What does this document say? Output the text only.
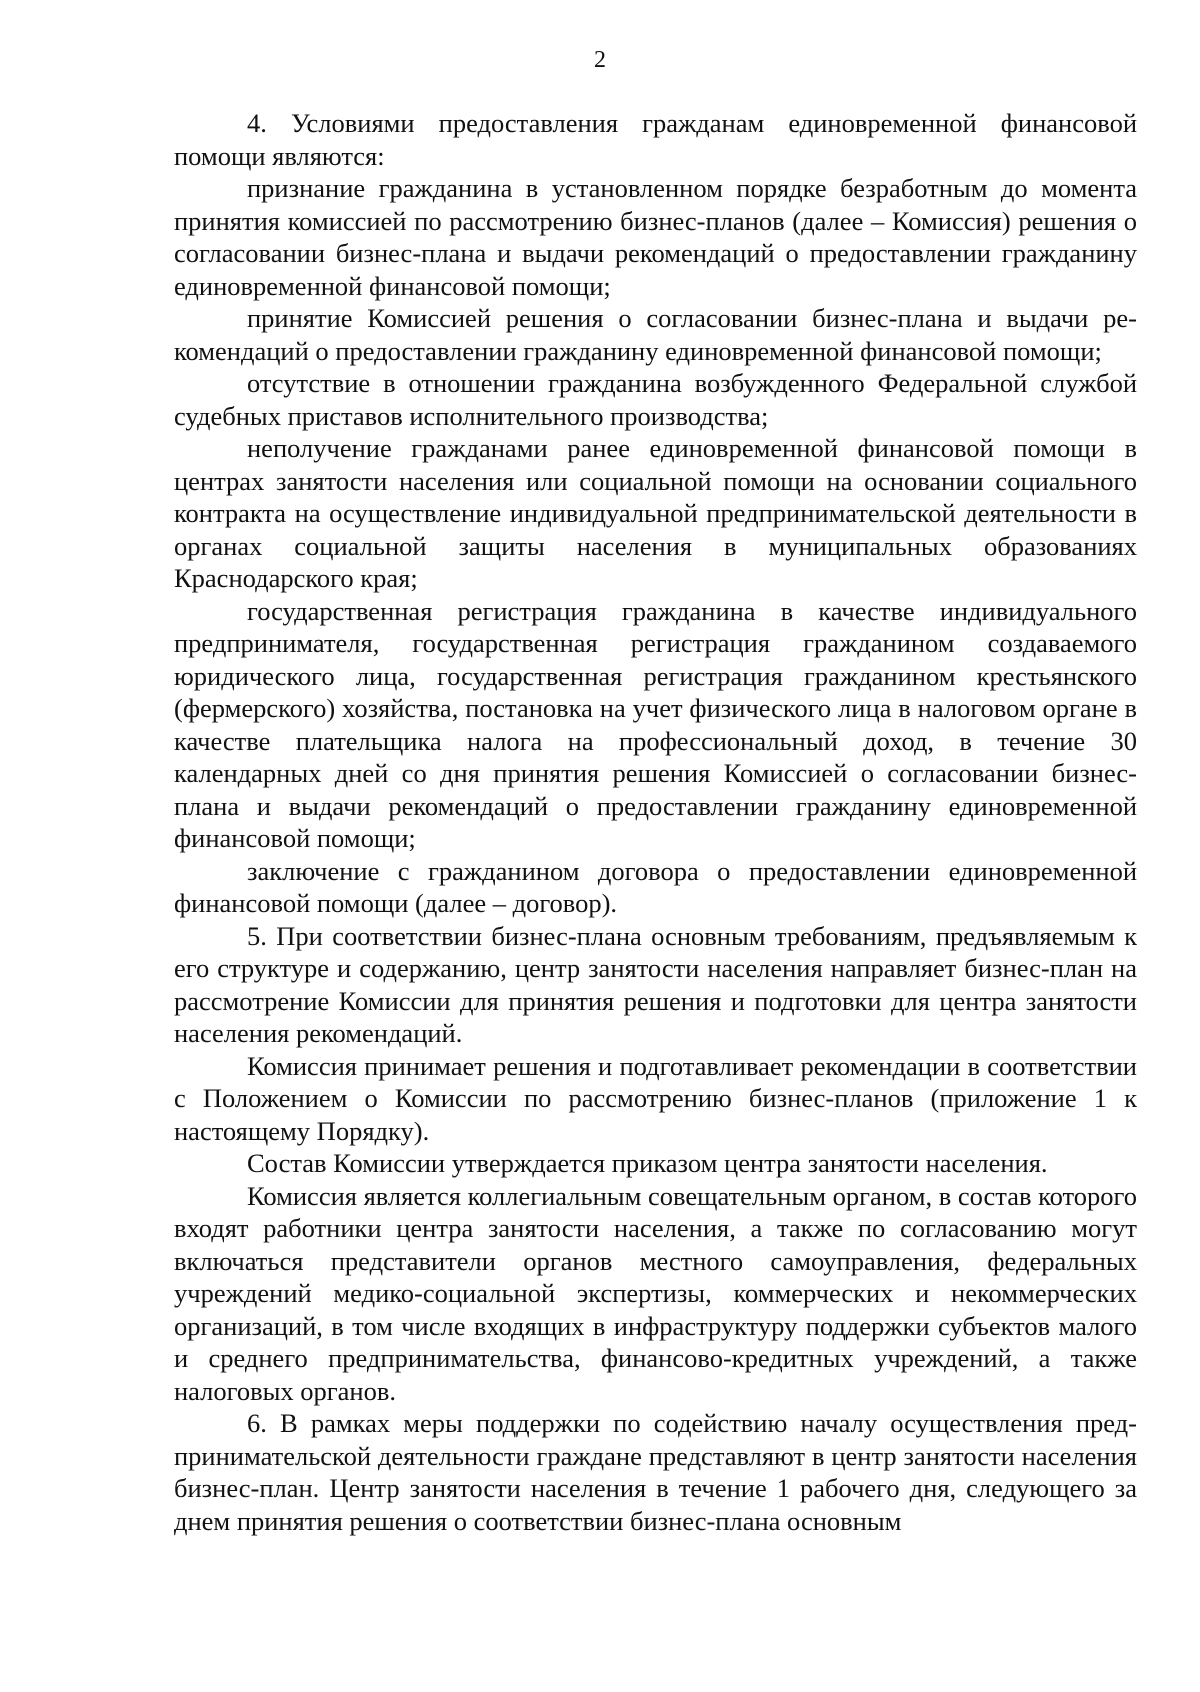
2

4. Условиями предоставления гражданам единовременной финансовой помощи являются:

признание гражданина в установленном порядке безработным до момента принятия комиссией по рассмотрению бизнес-планов (далее – Комиссия) решения о согласовании бизнес-плана и выдачи рекомендаций о предоставлении гражданину единовременной финансовой помощи;

принятие Комиссией решения о согласовании бизнес-плана и выдачи рекомендаций о предоставлении гражданину единовременной финансовой помощи;

отсутствие в отношении гражданина возбужденного Федеральной службой судебных приставов исполнительного производства;

неполучение гражданами ранее единовременной финансовой помощи в центрах занятости населения или социальной помощи на основании социального контракта на осуществление индивидуальной предпринимательской деятельности в органах социальной защиты населения в муниципальных образованиях Краснодарского края;

государственная регистрация гражданина в качестве индивидуального предпринимателя, государственная регистрация гражданином создаваемого юридического лица, государственная регистрация гражданином крестьянского (фермерского) хозяйства, постановка на учет физического лица в налоговом органе в качестве плательщика налога на профессиональный доход, в течение 30 календарных дней со дня принятия решения Комиссией о согласовании бизнес-плана и выдачи рекомендаций о предоставлении гражданину единовременной финансовой помощи;

заключение с гражданином договора о предоставлении единовременной финансовой помощи (далее – договор).

5. При соответствии бизнес-плана основным требованиям, предъявляемым к его структуре и содержанию, центр занятости населения направляет бизнес-план на рассмотрение Комиссии для принятия решения и подготовки для центра занятости населения рекомендаций.

Комиссия принимает решения и подготавливает рекомендации в соответствии с Положением о Комиссии по рассмотрению бизнес-планов (приложение 1 к настоящему Порядку).

Состав Комиссии утверждается приказом центра занятости населения.

Комиссия является коллегиальным совещательным органом, в состав которого входят работники центра занятости населения, а также по согласованию могут включаться представители органов местного самоуправления, федеральных учреждений медико-социальной экспертизы, коммерческих и некоммерческих организаций, в том числе входящих в инфраструктуру поддержки субъектов малого и среднего предпринимательства, финансово-кредитных учреждений, а также налоговых органов.

6. В рамках меры поддержки по содействию началу осуществления предпринимательской деятельности граждане представляют в центр занятости населения бизнес-план. Центр занятости населения в течение 1 рабочего дня, следующего за днем принятия решения о соответствии бизнес-плана основным
